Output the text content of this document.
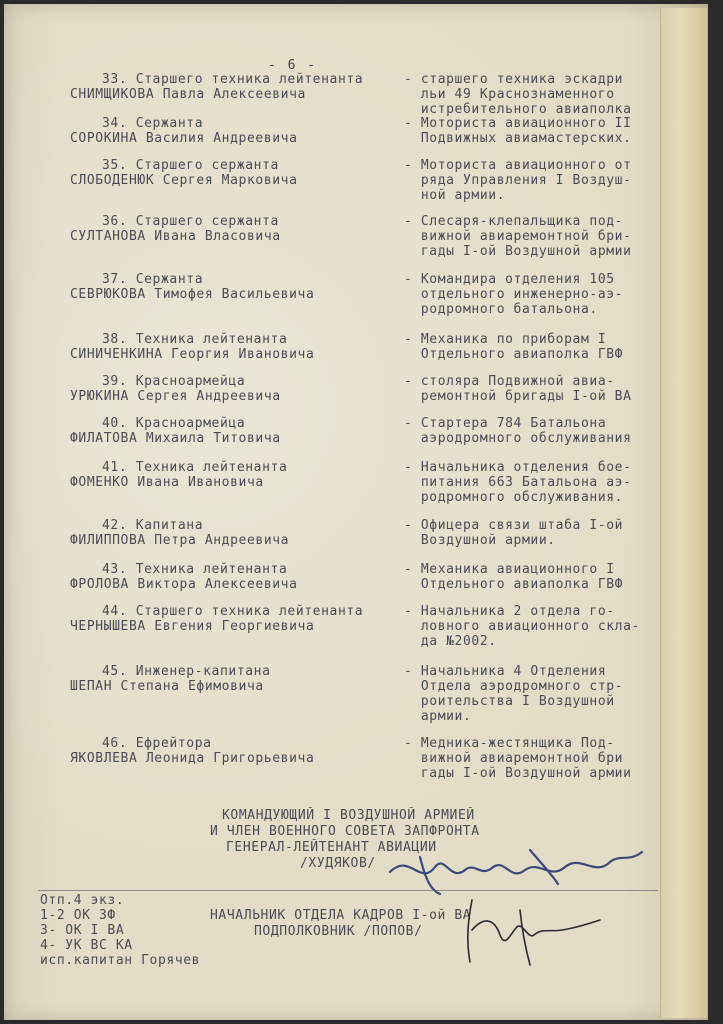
- 6 -
33. Старшего техника лейтенанта
СНИМЩИКОВА Павла Алексеевича
- старшего техника эскадри
льи 49 Краснознаменного
истребительного авиаполка
34. Сержанта
СОРОКИНА Василия Андреевича
- Моториста авиационного II
Подвижных авиамастерских.
35. Старшего сержанта
СЛОБОДЕНЮК Сергея Марковича
- Моториста авиационного от
ряда Управления I Воздуш-
ной армии.
36. Старшего сержанта
СУЛТАНОВА Ивана Власовича
- Слесаря-клепальщика под-
вижной авиаремонтной бри-
гады I-ой Воздушной армии
37. Сержанта
СЕВРЮКОВА Тимофея Васильевича
- Командира отделения 105
отдельного инженерно-аэ-
родромного батальона.
38. Техника лейтенанта
СИНИЧЕНКИНА Георгия Ивановича
- Механика по приборам I
Отдельного авиаполка ГВФ
39. Красноармейца
УРЮКИНА Сергея Андреевича
- столяра Подвижной авиа-
ремонтной бригады I-ой ВА
40. Красноармейца
ФИЛАТОВА Михаила Титовича
- Стартера 784 Батальона
аэродромного обслуживания
41. Техника лейтенанта
ФОМЕНКО Ивана Ивановича
- Начальника отделения бое-
питания 663 Батальона аэ-
родромного обслуживания.
42. Капитана
ФИЛИППОВА Петра Андреевича
- Офицера связи штаба I-ой
Воздушной армии.
43. Техника лейтенанта
ФРОЛОВА Виктора Алексеевича
- Механика авиационного I
Отдельного авиаполка ГВФ
44. Старшего техника лейтенанта
ЧЕРНЫШЕВА Евгения Георгиевича
- Начальника 2 отдела го-
ловного авиационного скла-
да №2002.
45. Инженер-капитана
ШЕПАН Степана Ефимовича
- Начальника 4 Отделения
Отдела аэродромного стр-
роительства I Воздушной
армии.
46. Ефрейтора
ЯКОВЛЕВА Леонида Григорьевича
- Медника-жестянщика Под-
вижной авиаремонтной бри
гады I-ой Воздушной армии
КОМАНДУЮЩИЙ I ВОЗДУШНОЙ АРМИЕЙ
И ЧЛЕН ВОЕННОГО СОВЕТА ЗАПФРОНТА
ГЕНЕРАЛ-ЛЕЙТЕНАНТ АВИАЦИИ
/ХУДЯКОВ/
Отп.4 экз.
1-2 ОК ЗФ
3- ОК I ВА
4- УК ВС КА
исп.капитан Горячев
НАЧАЛЬНИК ОТДЕЛА КАДРОВ I-ой ВА
ПОДПОЛКОВНИК /ПОПОВ/
